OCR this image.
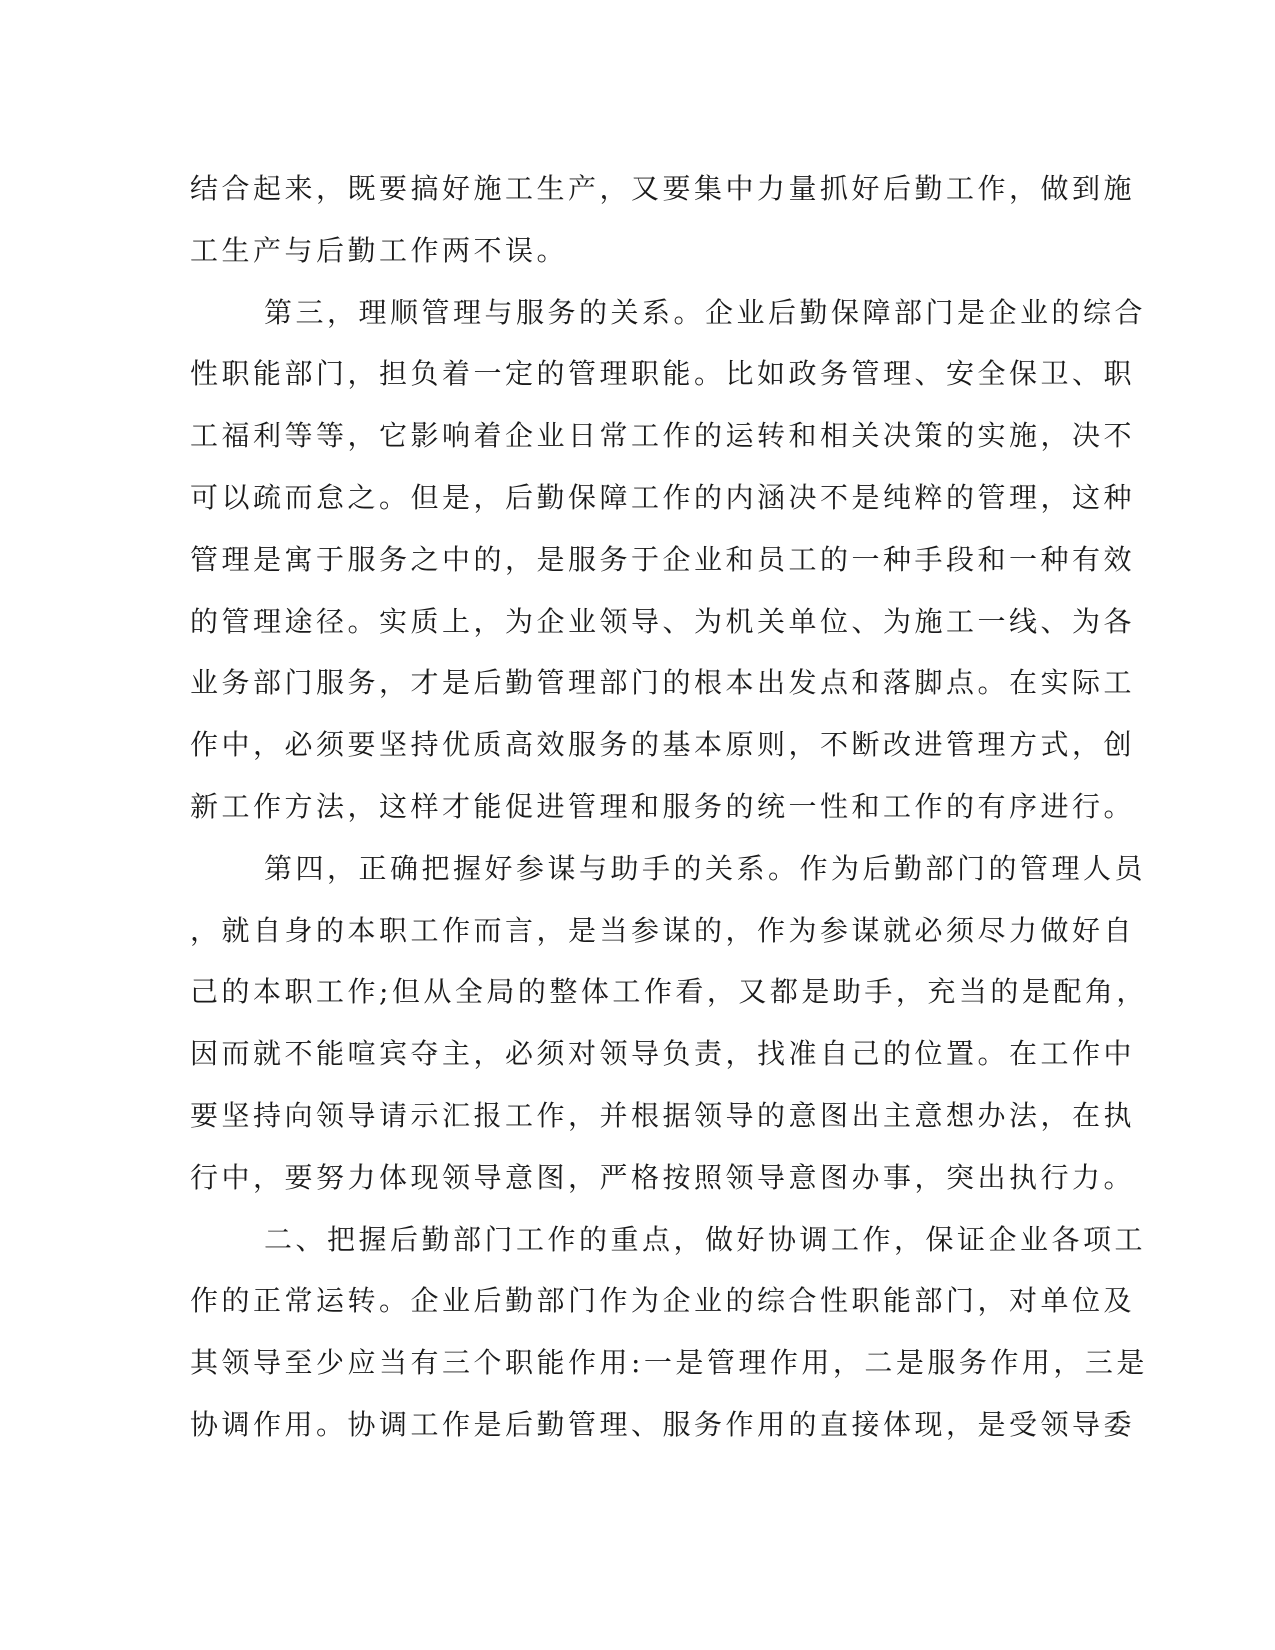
结合起来，既要搞好施工生产，又要集中力量抓好后勤工作，做到施
工生产与后勤工作两不误。
第三，理顺管理与服务的关系。企业后勤保障部门是企业的综合
性职能部门，担负着一定的管理职能。比如政务管理、安全保卫、职
工福利等等，它影响着企业日常工作的运转和相关决策的实施，决不
可以疏而怠之。但是，后勤保障工作的内涵决不是纯粹的管理，这种
管理是寓于服务之中的，是服务于企业和员工的一种手段和一种有效
的管理途径。实质上，为企业领导、为机关单位、为施工一线、为各
业务部门服务，才是后勤管理部门的根本出发点和落脚点。在实际工
作中，必须要坚持优质高效服务的基本原则，不断改进管理方式，创
新工作方法，这样才能促进管理和服务的统一性和工作的有序进行。
第四，正确把握好参谋与助手的关系。作为后勤部门的管理人员
，就自身的本职工作而言，是当参谋的，作为参谋就必须尽力做好自
己的本职工作;但从全局的整体工作看，又都是助手，充当的是配角，
因而就不能喧宾夺主，必须对领导负责，找准自己的位置。在工作中
要坚持向领导请示汇报工作，并根据领导的意图出主意想办法，在执
行中，要努力体现领导意图，严格按照领导意图办事，突出执行力。
二、把握后勤部门工作的重点，做好协调工作，保证企业各项工
作的正常运转。企业后勤部门作为企业的综合性职能部门，对单位及
其领导至少应当有三个职能作用:一是管理作用，二是服务作用，三是
协调作用。协调工作是后勤管理、服务作用的直接体现，是受领导委
